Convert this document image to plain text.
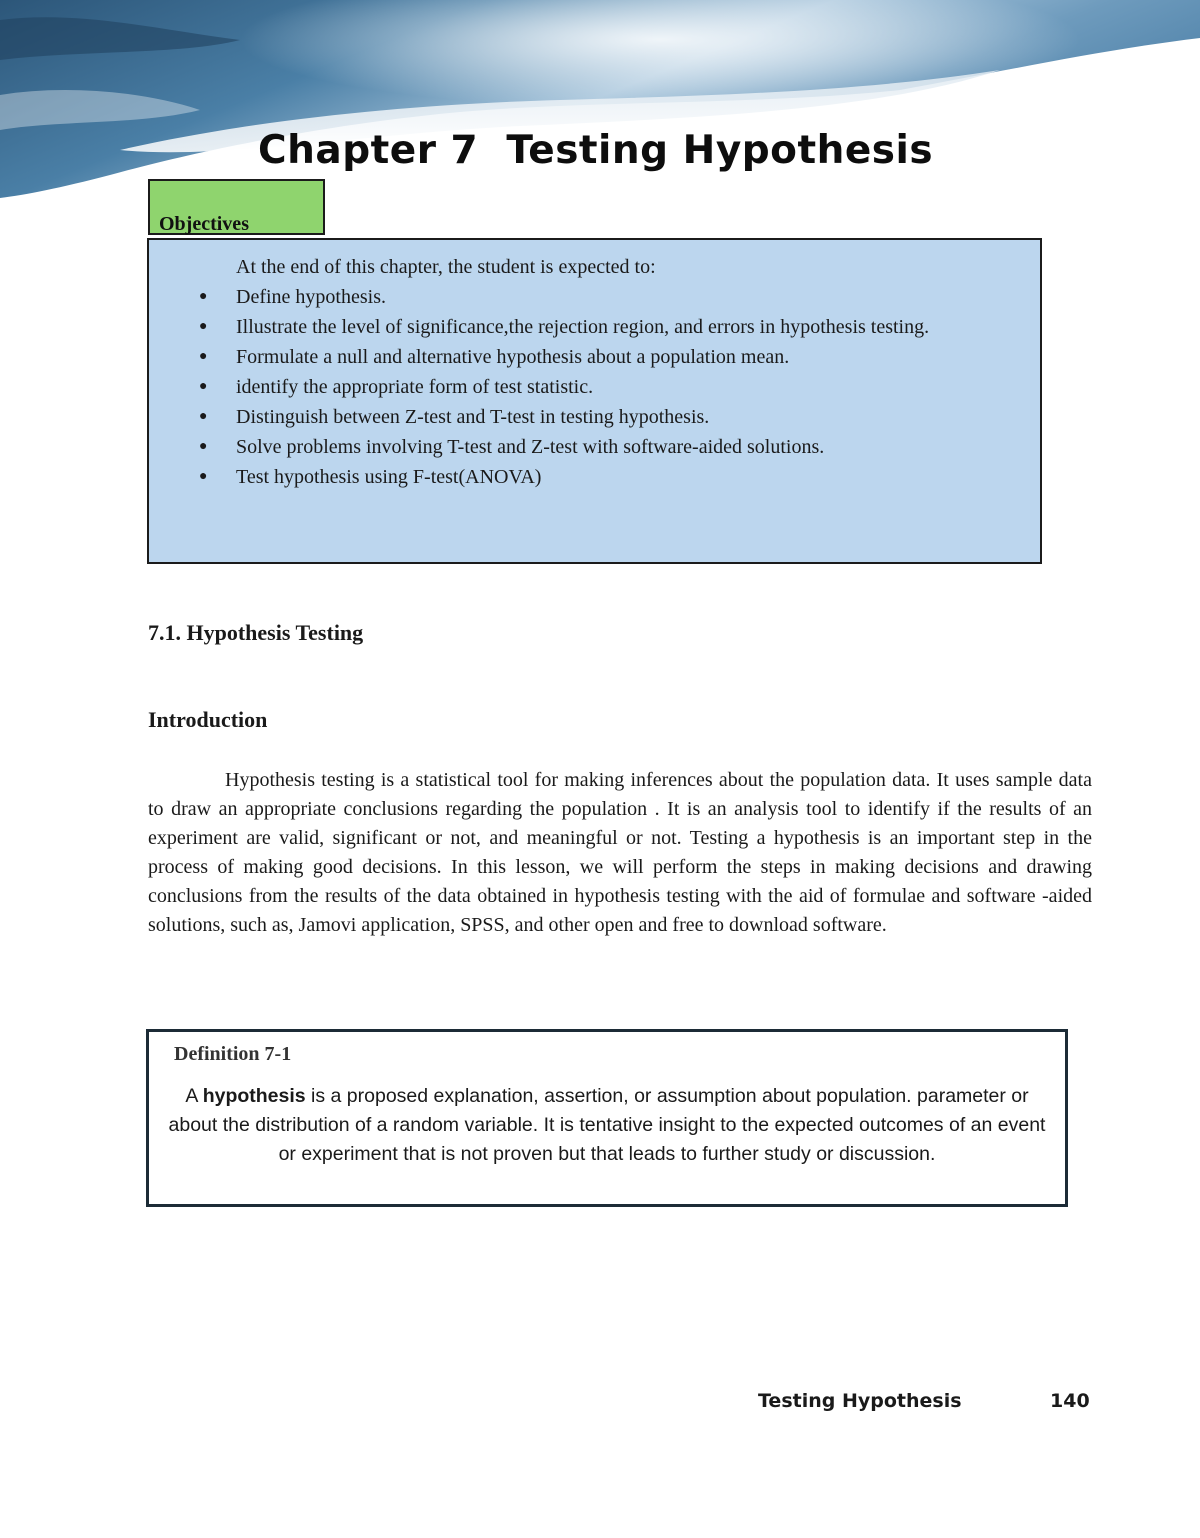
Chapter 7  Testing Hypothesis
Objectives

At the end of this chapter, the student is expected to:

● Define hypothesis.
● Illustrate the level of significance,the rejection region, and errors in hypothesis testing.
● Formulate a null and alternative hypothesis about a population mean.
● identify the appropriate form of test statistic.
● Distinguish between Z-test and T-test in testing hypothesis.
● Solve problems involving T-test and Z-test with software-aided solutions.
● Test hypothesis using F-test(ANOVA)
7.1. Hypothesis Testing
Introduction

Hypothesis testing is a statistical tool for making inferences about the population data. It uses sample data to draw an appropriate conclusions regarding the population . It is an analysis tool to identify if the results of an experiment are valid, significant or not, and meaningful or not. Testing a hypothesis is an important step in the process of making good decisions. In this lesson, we will perform the steps in making decisions and drawing conclusions from the results of the data obtained in hypothesis testing with the aid of formulae and software -aided solutions, such as, Jamovi application, SPSS, and other open and free to download software.

Definition 7-1

A hypothesis is a proposed explanation, assertion, or assumption about population. parameter or about the distribution of a random variable. It is tentative insight to the expected outcomes of an event or experiment that is not proven but that leads to further study or discussion.

Testing Hypothesis	140
